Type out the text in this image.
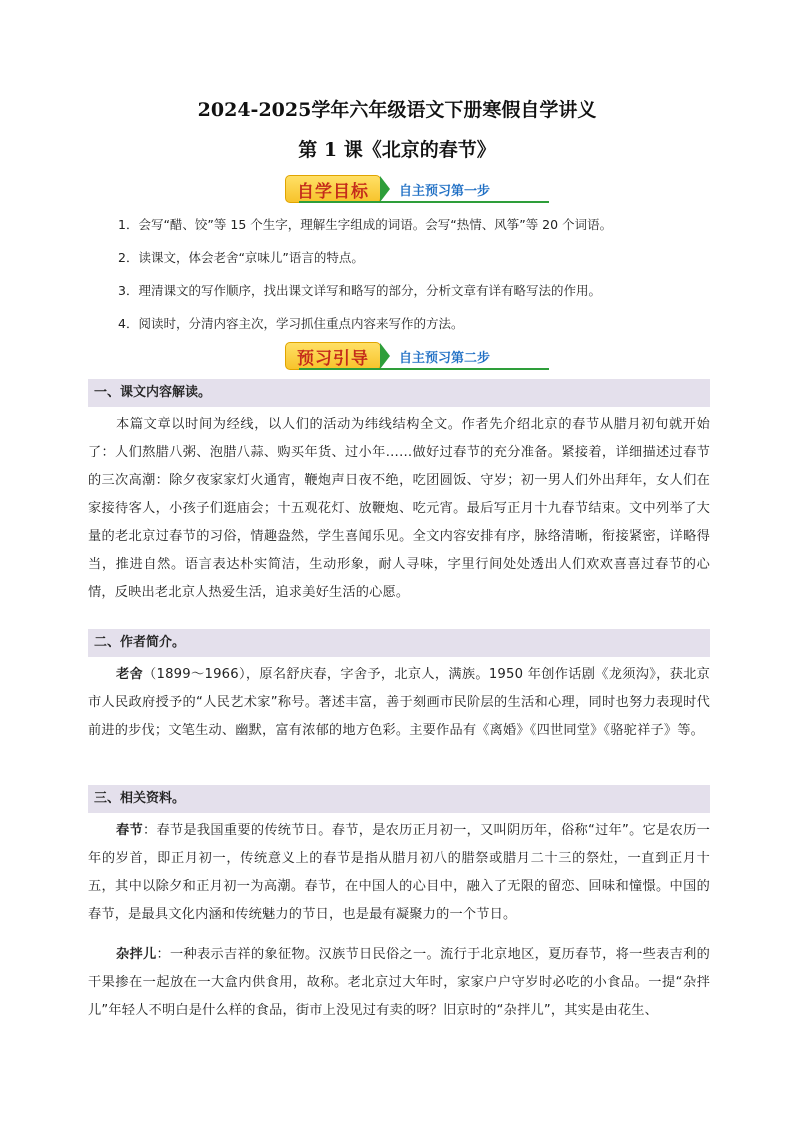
2024-2025学年六年级语文下册寒假自学讲义
第 1 课《北京的春节》
自学目标 自主预习第一步
1．会写“醋、饺”等 15 个生字，理解生字组成的词语。会写“热情、风筝”等 20 个词语。
2．读课文，体会老舍“京味儿”语言的特点。
3．理清课文的写作顺序，找出课文详写和略写的部分，分析文章有详有略写法的作用。
4．阅读时，分清内容主次，学习抓住重点内容来写作的方法。
预习引导 自主预习第二步
一、课文内容解读。
本篇文章以时间为经线，以人们的活动为纬线结构全文。作者先介绍北京的春节从腊月初旬就开始了：人们熬腊八粥、泡腊八蒜、购买年货、过小年……做好过春节的充分准备。紧接着，详细描述过春节的三次高潮：除夕夜家家灯火通宵，鞭炮声日夜不绝，吃团圆饭、守岁；初一男人们外出拜年，女人们在家接待客人，小孩子们逛庙会；十五观花灯、放鞭炮、吃元宵。最后写正月十九春节结束。文中列举了大量的老北京过春节的习俗，情趣盎然，学生喜闻乐见。全文内容安排有序，脉络清晰，衔接紧密，详略得当，推进自然。语言表达朴实简洁，生动形象，耐人寻味，字里行间处处透出人们欢欢喜喜过春节的心情，反映出老北京人热爱生活，追求美好生活的心愿。
二、作者简介。
老舍（1899～1966），原名舒庆春，字舍予，北京人，满族。1950 年创作话剧《龙须沟》，获北京市人民政府授予的“人民艺术家”称号。著述丰富，善于刻画市民阶层的生活和心理，同时也努力表现时代前进的步伐；文笔生动、幽默，富有浓郁的地方色彩。主要作品有《离婚》《四世同堂》《骆驼祥子》等。
三、相关资料。
春节：春节是我国重要的传统节日。春节，是农历正月初一，又叫阴历年，俗称“过年”。它是农历一年的岁首，即正月初一，传统意义上的春节是指从腊月初八的腊祭或腊月二十三的祭灶，一直到正月十五，其中以除夕和正月初一为高潮。春节，在中国人的心目中，融入了无限的留恋、回味和憧憬。中国的春节，是最具文化内涵和传统魅力的节日，也是最有凝聚力的一个节日。
杂拌儿：一种表示吉祥的象征物。汉族节日民俗之一。流行于北京地区，夏历春节，将一些表吉利的干果掺在一起放在一大盒内供食用，故称。老北京过大年时，家家户户守岁时必吃的小食品。一提“杂拌儿”年轻人不明白是什么样的食品，街市上没见过有卖的呀？旧京时的“杂拌儿”，其实是由花生、
